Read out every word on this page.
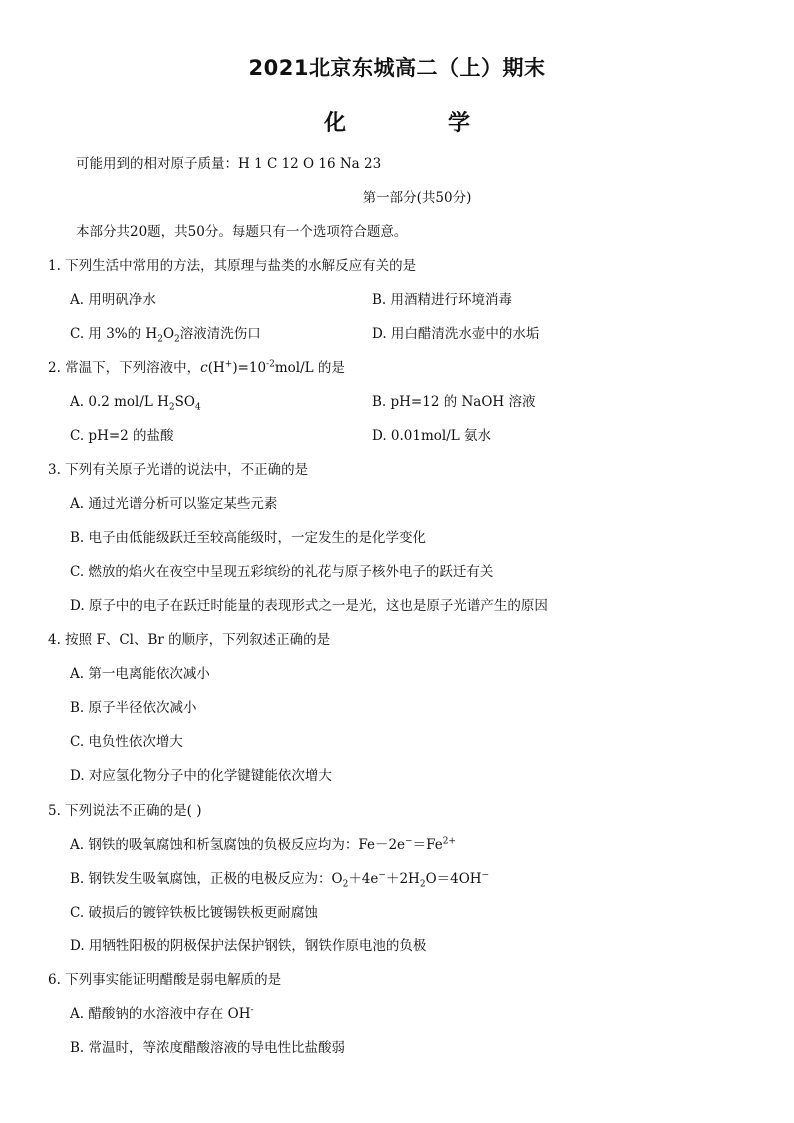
2021北京东城高二（上）期末
化　学
可能用到的相对原子质量：H 1 C 12 O 16 Na 23
第一部分(共50分)
本部分共20题，共50分。每题只有一个选项符合题意。
1. 下列生活中常用的方法，其原理与盐类的水解反应有关的是
A. 用明矾净水	B. 用酒精进行环境消毒
C. 用 3%的 $H_2O_2$溶液清洗伤口	D. 用白醋清洗水壶中的水垢
2. 常温下，下列溶液中，$c(H^+)=10^{-2}mol/L$ 的是
A. 0.2 mol/L $H_2SO_4$	B. pH=12 的 NaOH 溶液
C. pH=2 的盐酸	D. 0.01mol/L 氨水
3. 下列有关原子光谱的说法中，不正确的是
A. 通过光谱分析可以鉴定某些元素
B. 电子由低能级跃迁至较高能级时，一定发生的是化学变化
C. 燃放的焰火在夜空中呈现五彩缤纷的礼花与原子核外电子的跃迁有关
D. 原子中的电子在跃迁时能量的表现形式之一是光，这也是原子光谱产生的原因
4. 按照 F、Cl、Br 的顺序，下列叙述正确的是
A. 第一电离能依次减小
B. 原子半径依次减小
C. 电负性依次增大
D. 对应氢化物分子中的化学键键能依次增大
5. 下列说法不正确的是( )
A. 钢铁的吸氧腐蚀和析氢腐蚀的负极反应均为：$Fe-2e^-=Fe^{2+}$
B. 钢铁发生吸氧腐蚀，正极的电极反应为：$O_2+4e^-+2H_2O=4OH^-$
C. 破损后的镀锌铁板比镀锡铁板更耐腐蚀
D. 用牺牲阳极的阴极保护法保护钢铁，钢铁作原电池的负极
6. 下列事实能证明醋酸是弱电解质的是
A. 醋酸钠的水溶液中存在 OH-
B. 常温时，等浓度醋酸溶液的导电性比盐酸弱
